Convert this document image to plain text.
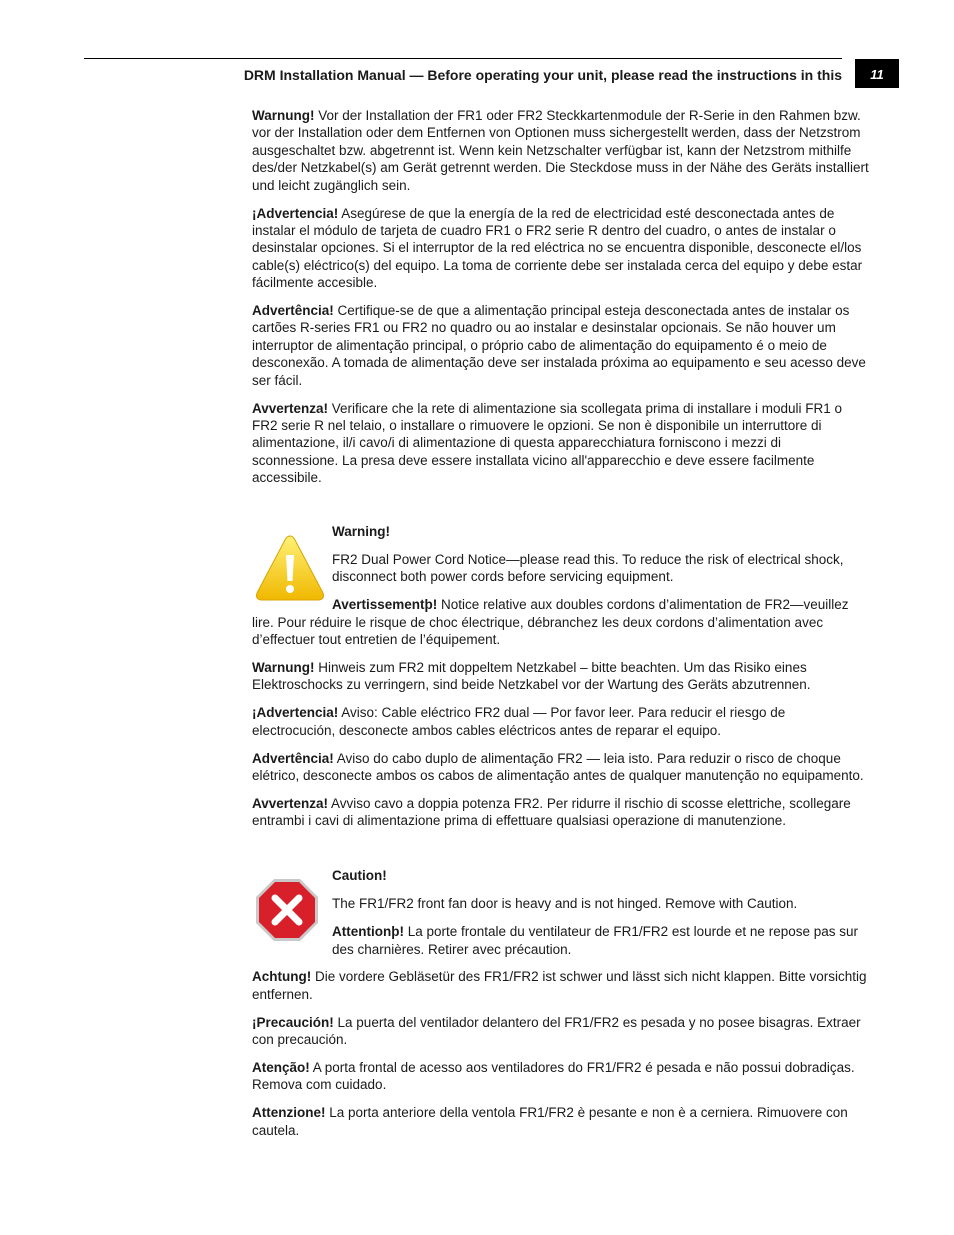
DRM Installation Manual — Before operating your unit, please read the instructions in this	11

Warnung! Vor der Installation der FR1 oder FR2 Steckkartenmodule der R-Serie in den Rahmen bzw. vor der Installation oder dem Entfernen von Optionen muss sichergestellt werden, dass der Netzstrom ausgeschaltet bzw. abgetrennt ist. Wenn kein Netzschalter verfügbar ist, kann der Netzstrom mithilfe des/der Netzkabel(s) am Gerät getrennt werden. Die Steckdose muss in der Nähe des Geräts installiert und leicht zugänglich sein.

¡Advertencia! Asegúrese de que la energía de la red de electricidad esté desconectada antes de instalar el módulo de tarjeta de cuadro FR1 o FR2 serie R dentro del cuadro, o antes de instalar o desinstalar opciones. Si el interruptor de la red eléctrica no se encuentra disponible, desconecte el/los cable(s) eléctrico(s) del equipo. La toma de corriente debe ser instalada cerca del equipo y debe estar fácilmente accesible.

Advertência! Certifique-se de que a alimentação principal esteja desconectada antes de instalar os cartões R-series FR1 ou FR2 no quadro ou ao instalar e desinstalar opcionais. Se não houver um interruptor de alimentação principal, o próprio cabo de alimentação do equipamento é o meio de desconexão. A tomada de alimentação deve ser instalada próxima ao equipamento e seu acesso deve ser fácil.

Avvertenza! Verificare che la rete di alimentazione sia scollegata prima di installare i moduli FR1 o FR2 serie R nel telaio, o installare o rimuovere le opzioni. Se non è disponibile un interruttore di alimentazione, il/i cavo/i di alimentazione di questa apparecchiatura forniscono i mezzi di sconnessione. La presa deve essere installata vicino all'apparecchio e deve essere facilmente accessibile.

Warning!

FR2 Dual Power Cord Notice—please read this. To reduce the risk of electrical shock, disconnect both power cords before servicing equipment.

Avertissementþ! Notice relative aux doubles cordons d’alimentation de FR2—veuillez lire. Pour réduire le risque de choc électrique, débranchez les deux cordons d’alimentation avec d’effectuer tout entretien de l’équipement.

Warnung! Hinweis zum FR2 mit doppeltem Netzkabel – bitte beachten. Um das Risiko eines Elektroschocks zu verringern, sind beide Netzkabel vor der Wartung des Geräts abzutrennen.

¡Advertencia! Aviso: Cable eléctrico FR2 dual — Por favor leer. Para reducir el riesgo de electrocución, desconecte ambos cables eléctricos antes de reparar el equipo.

Advertência! Aviso do cabo duplo de alimentação FR2 — leia isto. Para reduzir o risco de choque elétrico, desconecte ambos os cabos de alimentação antes de qualquer manutenção no equipamento.

Avvertenza! Avviso cavo a doppia potenza FR2. Per ridurre il rischio di scosse elettriche, scollegare entrambi i cavi di alimentazione prima di effettuare qualsiasi operazione di manutenzione.

Caution!

The FR1/FR2 front fan door is heavy and is not hinged. Remove with Caution.

Attentionþ! La porte frontale du ventilateur de FR1/FR2 est lourde et ne repose pas sur des charnières. Retirer avec précaution.

Achtung! Die vordere Gebläsetür des FR1/FR2 ist schwer und lässt sich nicht klappen. Bitte vorsichtig entfernen.

¡Precaución! La puerta del ventilador delantero del FR1/FR2 es pesada y no posee bisagras. Extraer con precaución.

Atenção! A porta frontal de acesso aos ventiladores do FR1/FR2 é pesada e não possui dobradiças. Remova com cuidado.

Attenzione! La porta anteriore della ventola FR1/FR2 è pesante e non è a cerniera. Rimuovere con cautela.
